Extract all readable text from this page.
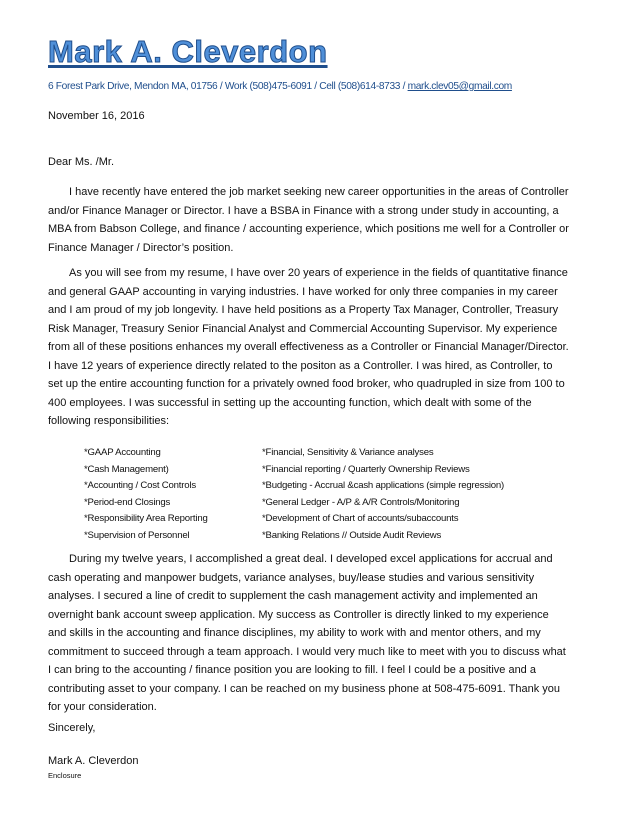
Mark A. Cleverdon
6 Forest Park Drive, Mendon MA, 01756 / Work (508)475-6091 / Cell (508)614-8733 / mark.clev05@gmail.com
November 16, 2016
Dear Ms. /Mr.

I have recently have entered the job market seeking new career opportunities in the areas of Controller and/or Finance Manager or Director. I have a BSBA in Finance with a strong under study in accounting, a MBA from Babson College, and finance / accounting experience, which positions me well for a Controller or Finance Manager / Director’s position.

As you will see from my resume, I have over 20 years of experience in the fields of quantitative finance and general GAAP accounting in varying industries. I have worked for only three companies in my career and I am proud of my job longevity. I have held positions as a Property Tax Manager, Controller, Treasury Risk Manager, Treasury Senior Financial Analyst and Commercial Accounting Supervisor. My experience from all of these positions enhances my overall effectiveness as a Controller or Financial Manager/Director. I have 12 years of experience directly related to the positon as a Controller. I was hired, as Controller, to set up the entire accounting function for a privately owned food broker, who quadrupled in size from 100 to 400 employees. I was successful in setting up the accounting function, which dealt with some of the following responsibilities:

*GAAP Accounting
*Cash Management)
*Accounting / Cost Controls
*Period-end Closings
*Responsibility Area Reporting
*Supervision of Personnel
*Financial, Sensitivity & Variance analyses
*Financial reporting / Quarterly Ownership Reviews
*Budgeting - Accrual &cash applications (simple regression)
*General Ledger - A/P & A/R Controls/Monitoring
*Development of Chart of accounts/subaccounts
*Banking Relations // Outside Audit Reviews

During my twelve years, I accomplished a great deal. I developed excel applications for accrual and cash operating and manpower budgets, variance analyses, buy/lease studies and various sensitivity analyses. I secured a line of credit to supplement the cash management activity and implemented an overnight bank account sweep application. My success as Controller is directly linked to my experience and skills in the accounting and finance disciplines, my ability to work with and mentor others, and my commitment to succeed through a team approach. I would very much like to meet with you to discuss what I can bring to the accounting / finance position you are looking to fill. I feel I could be a positive and a contributing asset to your company. I can be reached on my business phone at 508-475-6091. Thank you for your consideration.

Sincerely,
Mark A. Cleverdon
Enclosure
